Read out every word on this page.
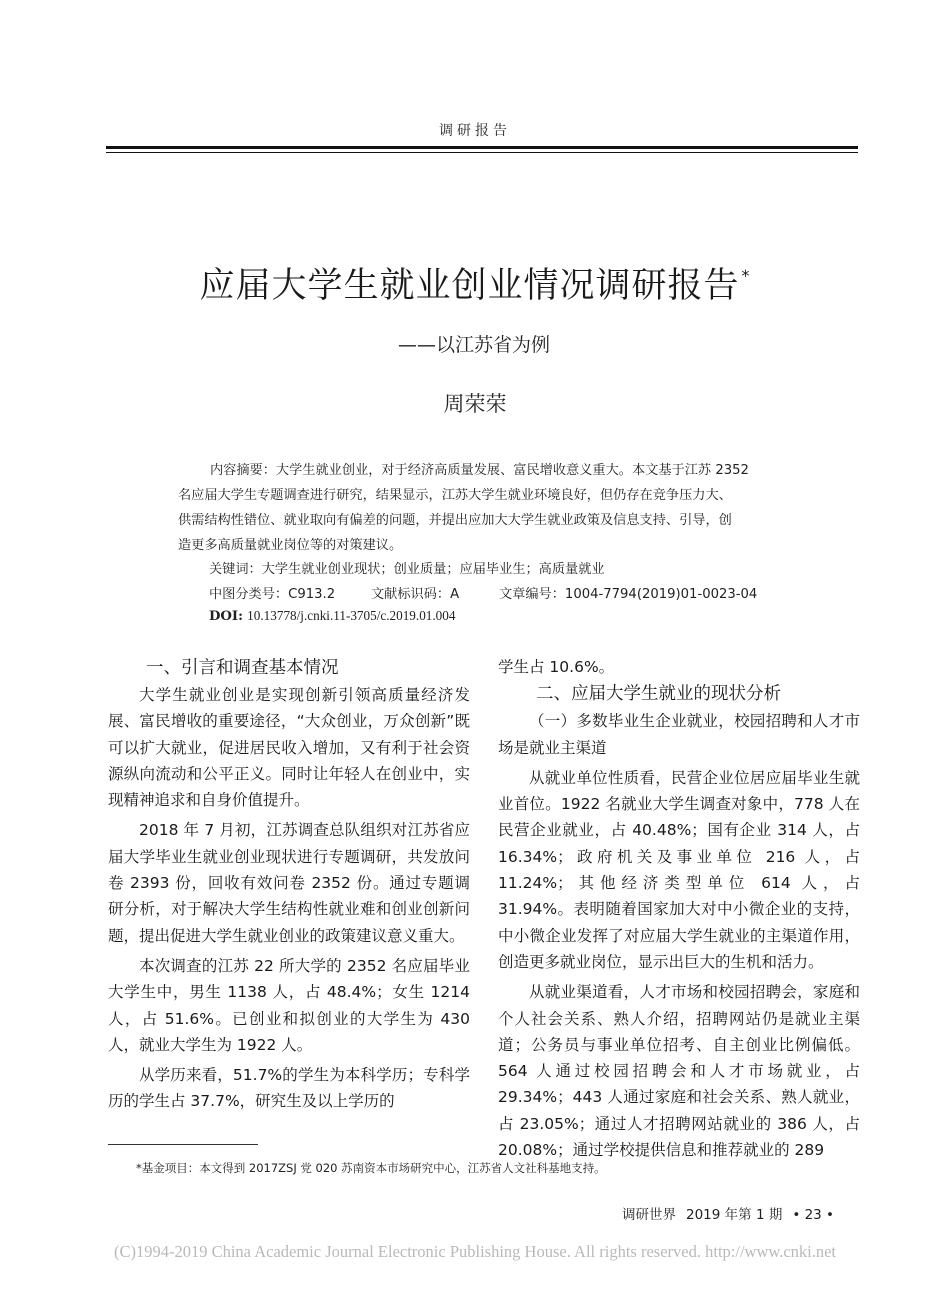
调研报告
应届大学生就业创业情况调研报告 *
——以江苏省为例
周荣荣

内容摘要：大学生就业创业，对于经济高质量发展、富民增收意义重大。本文基于江苏 2352

名应届大学生专题调查进行研究，结果显示，江苏大学生就业环境良好，但仍存在竞争压力大、

供需结构性错位、就业取向有偏差的问题，并提出应加大大学生就业政策及信息支持、引导，创

造更多高质量就业岗位等的对策建议。

关键词：大学生就业创业现状；创业质量；应届毕业生；高质量就业
中图分类号：C913.2	文献标识码：A	文章编号：1004-7794(2019)01-0023-04
DOI: 10.13778/j.cnki.11-3705/c.2019.01.004

一、引言和调查基本情况

大学生就业创业是实现创新引领高质量经济发展、富民增收的重要途径，“大众创业，万众创新”既可以扩大就业，促进居民收入增加，又有利于社会资源纵向流动和公平正义。同时让年轻人在创业中，实现精神追求和自身价值提升。

2018 年 7 月初，江苏调查总队组织对江苏省应届大学毕业生就业创业现状进行专题调研，共发放问卷 2393 份，回收有效问卷 2352 份。通过专题调研分析，对于解决大学生结构性就业难和创业创新问题，提出促进大学生就业创业的政策建议意义重大。

本次调查的江苏 22 所大学的 2352 名应届毕业大学生中，男生 1138 人，占 48.4%；女生 1214 人，占 51.6%。已创业和拟创业的大学生为 430 人，就业大学生为 1922 人。

从学历来看，51.7%的学生为本科学历；专科学历的学生占 37.7%，研究生及以上学历的

学生占 10.6%。

二、应届大学生就业的现状分析

（一）多数毕业生企业就业，校园招聘和人才市场是就业主渠道

从就业单位性质看，民营企业位居应届毕业生就业首位。1922 名就业大学生调查对象中，778 人在民营企业就业，占 40.48%；国有企业 314 人，占 16.34%；政府机关及事业单位 216 人，占 11.24%；其他经济类型单位 614 人，占 31.94%。表明随着国家加大对中小微企业的支持，中小微企业发挥了对应届大学生就业的主渠道作用，创造更多就业岗位，显示出巨大的生机和活力。

从就业渠道看，人才市场和校园招聘会，家庭和个人社会关系、熟人介绍，招聘网站仍是就业主渠道；公务员与事业单位招考、自主创业比例偏低。564 人通过校园招聘会和人才市场就业，占 29.34%；443 人通过家庭和社会关系、熟人就业，占 23.05%；通过人才招聘网站就业的 386 人，占 20.08%；通过学校提供信息和推荐就业的 289

*基金项目：本文得到 2017ZSJ 党 020 苏南资本市场研究中心，江苏省人文社科基地支持。
调研世界 2019 年第 1 期 • 23 •
(C)1994-2019 China Academic Journal Electronic Publishing House. All rights reserved. http://www.cnki.net
